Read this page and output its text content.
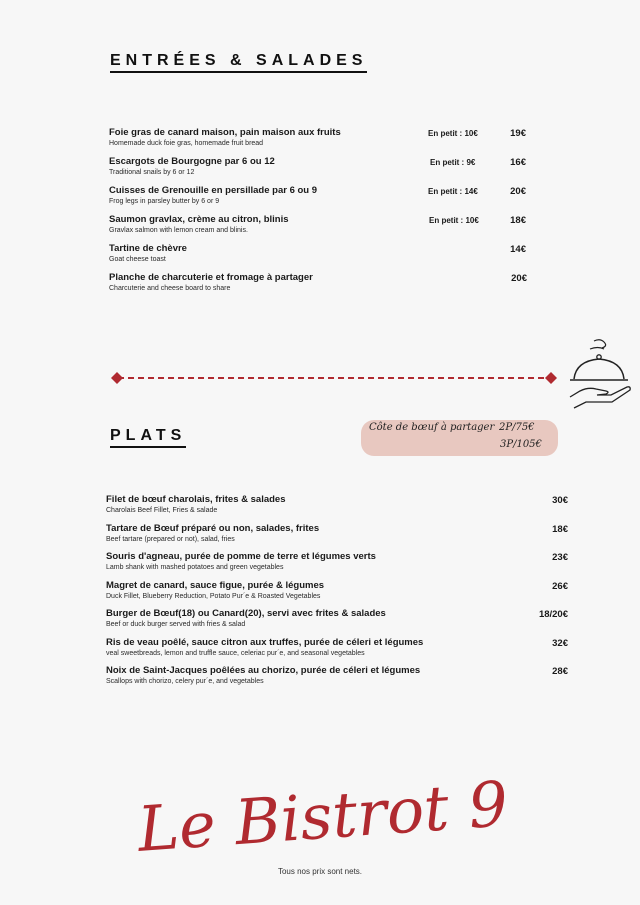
ENTRÉES & SALADES
Foie gras de canard maison, pain maison aux fruits
Homemade duck foie gras, homemade fruit bread
En petit : 10€	19€
Escargots de Bourgogne par 6 ou 12
Traditional snails by 6 or 12
En petit : 9€	16€
Cuisses de Grenouille en persillade par 6 ou 9
Frog legs in parsley butter by 6 or 9
En petit : 14€	20€
Saumon gravlax, crème au citron, blinis
Gravlax salmon with lemon cream and blinis.
En petit : 10€	18€
Tartine de chèvre
Goat cheese toast
14€
Planche de charcuterie et fromage à partager
Charcuterie and cheese board to share
20€
PLATS	Côte de bœuf à partager 2P/75€
3P/105€
Filet de bœuf charolais, frites & salades
Charolais Beef Fillet, Fries & salade
30€
Tartare de Bœuf préparé ou non, salades, frites
Beef tartare (prepared or not), salad, fries
18€
Souris d'agneau, purée de pomme de terre et légumes verts
Lamb shank with mashed potatoes and green vegetables
23€
Magret de canard, sauce figue, purée & légumes
Duck Fillet, Blueberry Reduction, Potato Pur´e & Roasted Vegetables
26€
Burger de Bœuf(18) ou Canard(20), servi avec frites & salades
Beef or duck burger served with fries & salad
18/20€
Ris de veau poêlé, sauce citron aux truffes, purée de céleri et légumes
veal sweetbreads, lemon and truffle sauce, celeriac pur´e, and seasonal vegetables
32€
Noix de Saint-Jacques poêlées au chorizo, purée de céleri et légumes
Scallops with chorizo, celery pur´e, and vegetables
28€
Le Bistrot 9
Tous nos prix sont nets.
